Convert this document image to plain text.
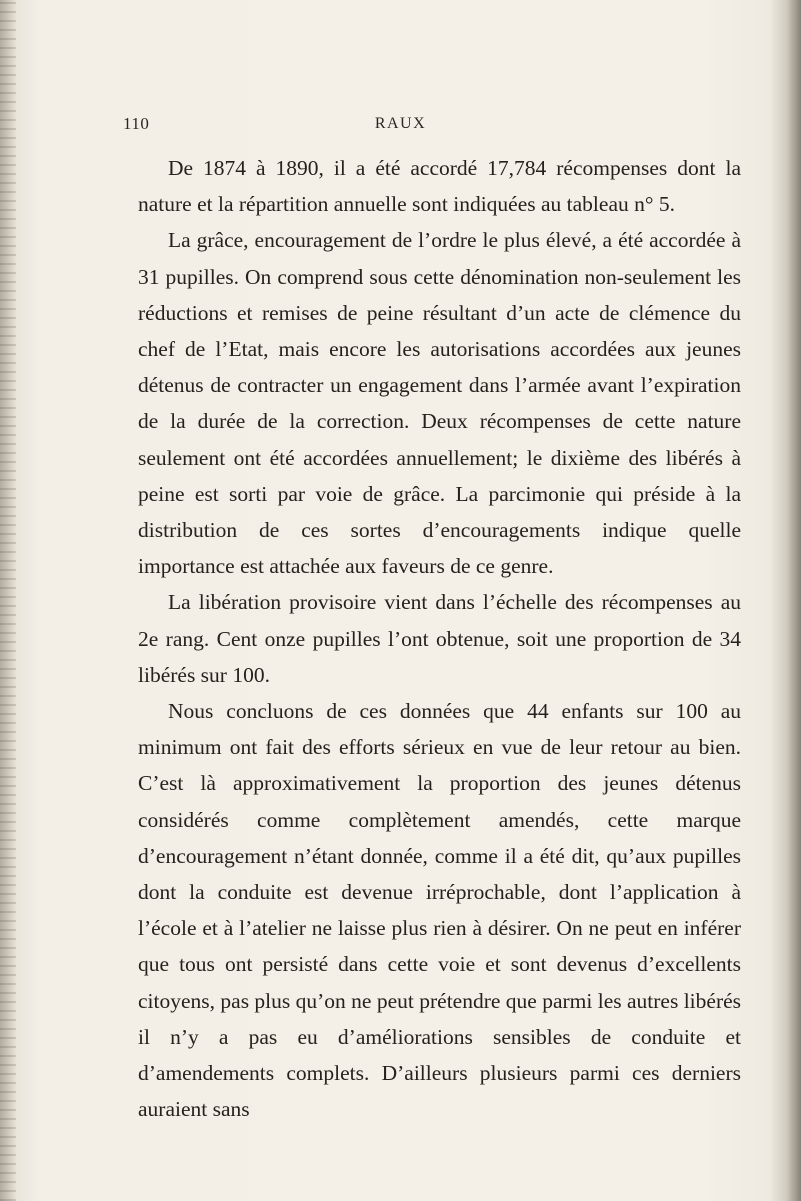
110	RAUX

De 1874 à 1890, il a été accordé 17,784 récompenses dont la nature et la répartition annuelle sont indiquées au tableau n° 5.

La grâce, encouragement de l’ordre le plus élevé, a été accordée à 31 pupilles. On comprend sous cette dénomination non-seulement les réductions et remises de peine résultant d’un acte de clémence du chef de l’Etat, mais encore les autorisations accordées aux jeunes détenus de contracter un engagement dans l’armée avant l’expiration de la durée de la correction. Deux récompenses de cette nature seulement ont été accordées annuellement; le dixième des libérés à peine est sorti par voie de grâce. La parcimonie qui préside à la distribution de ces sortes d’encouragements indique quelle importance est attachée aux faveurs de ce genre.

La libération provisoire vient dans l’échelle des récompenses au 2e rang. Cent onze pupilles l’ont obtenue, soit une proportion de 34 libérés sur 100.

Nous concluons de ces données que 44 enfants sur 100 au minimum ont fait des efforts sérieux en vue de leur retour au bien. C’est là approximativement la proportion des jeunes détenus considérés comme complètement amendés, cette marque d’encouragement n’étant donnée, comme il a été dit, qu’aux pupilles dont la conduite est devenue irréprochable, dont l’application à l’école et à l’atelier ne laisse plus rien à désirer. On ne peut en inférer que tous ont persisté dans cette voie et sont devenus d’excellents citoyens, pas plus qu’on ne peut prétendre que parmi les autres libérés il n’y a pas eu d’améliorations sensibles de conduite et d’amendements complets. D’ailleurs plusieurs parmi ces derniers auraient sans
